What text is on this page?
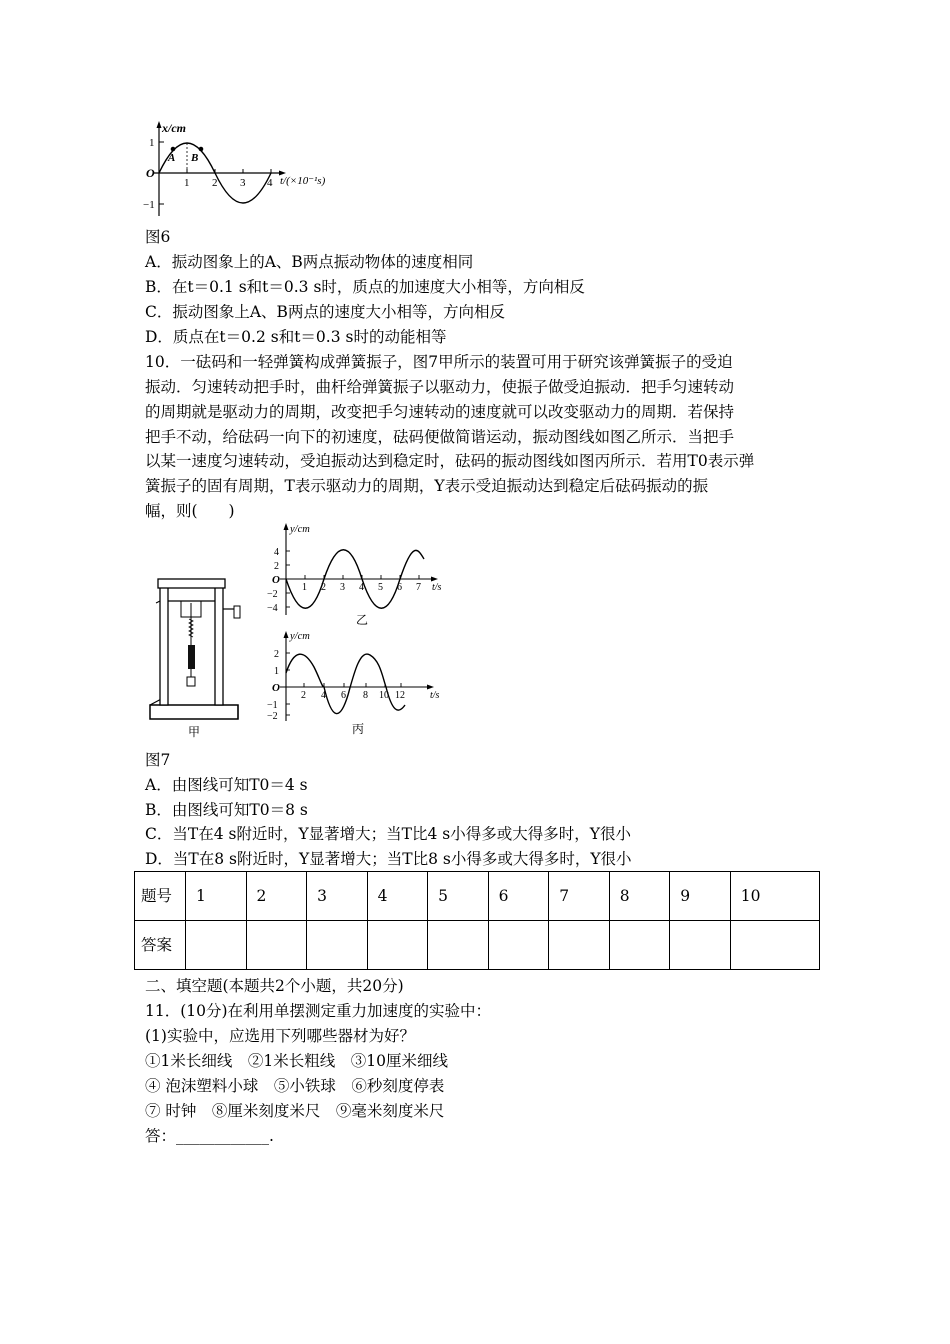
x/cm
O
1
−1
1 2 3 4 t/(×10⁻¹s)
A B
图6
A．振动图象上的A、B两点振动物体的速度相同
B．在t＝0.1 s和t＝0.3 s时，质点的加速度大小相等，方向相反
C．振动图象上A、B两点的速度大小相等，方向相反
D．质点在t＝0.2 s和t＝0.3 s时的动能相等
10．一砝码和一轻弹簧构成弹簧振子，图7甲所示的装置可用于研究该弹簧振子的受迫
振动．匀速转动把手时，曲杆给弹簧振子以驱动力，使振子做受迫振动．把手匀速转动
的周期就是驱动力的周期，改变把手匀速转动的速度就可以改变驱动力的周期．若保持
把手不动，给砝码一向下的初速度，砝码便做简谐运动，振动图线如图乙所示．当把手
以某一速度匀速转动，受迫振动达到稳定时，砝码的振动图线如图丙所示．若用T0表示弹
簧振子的固有周期，T表示驱动力的周期，Y表示受迫振动达到稳定后砝码振动的振
幅，则(　　)
甲
y/cm
O
4
2
−2
−4
1 2 3 4 5 6 7 t/s
乙
y/cm
O
2
1
−1
−2
2 4 6 8 10 12	t/s
丙
图7
A．由图线可知T0＝4 s
B．由图线可知T0＝8 s
C．当T在4 s附近时，Y显著增大；当T比4 s小得多或大得多时，Y很小
D．当T在8 s附近时，Y显著增大；当T比8 s小得多或大得多时，Y很小
题号	1	2	3	4	5	6	7	8	9	10
答案										
二、填空题(本题共2个小题，共20分)
11．(10分)在利用单摆测定重力加速度的实验中：
(1)实验中，应选用下列哪些器材为好？
①1米长细线　②1米长粗线　③10厘米细线
④ 泡沫塑料小球　⑤小铁球　⑥秒刻度停表
⑦ 时钟　⑧厘米刻度米尺　⑨毫米刻度米尺
答：____________.
